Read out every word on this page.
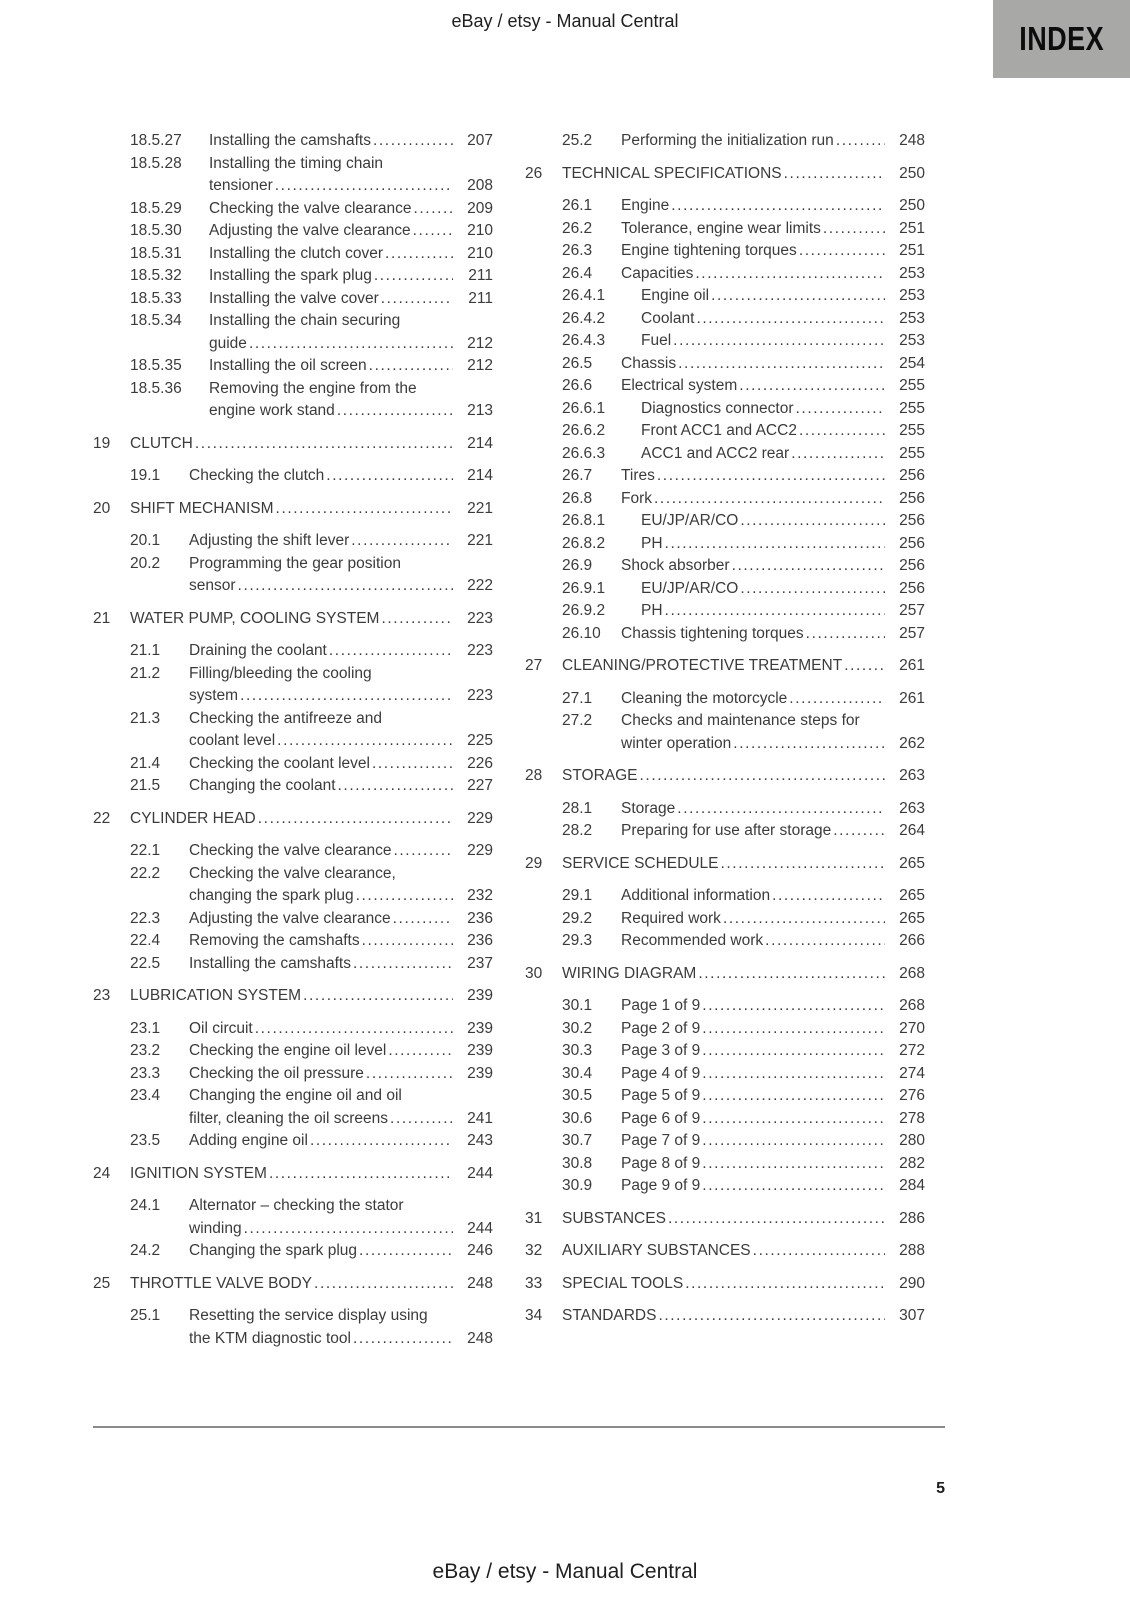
eBay / etsy - Manual Central	INDEX
18.5.27	Installing the camshafts .....	207
18.5.28	Installing the timing chain
tensioner .....	208
18.5.29	Checking the valve clearance .....	209
18.5.30	Adjusting the valve clearance .....	210
18.5.31	Installing the clutch cover .....	210
18.5.32	Installing the spark plug .....	211
18.5.33	Installing the valve cover .....	211
18.5.34	Installing the chain securing
guide .....	212
18.5.35	Installing the oil screen .....	212
18.5.36	Removing the engine from the
engine work stand .....	213
19	CLUTCH .....	214
19.1	Checking the clutch .....	214
20	SHIFT MECHANISM .....	221
20.1	Adjusting the shift lever .....	221
20.2	Programming the gear position
sensor .....	222
21	WATER PUMP, COOLING SYSTEM .....	223
21.1	Draining the coolant .....	223
21.2	Filling/bleeding the cooling
system .....	223
21.3	Checking the antifreeze and
coolant level .....	225
21.4	Checking the coolant level .....	226
21.5	Changing the coolant .....	227
22	CYLINDER HEAD .....	229
22.1	Checking the valve clearance .....	229
22.2	Checking the valve clearance,
changing the spark plug .....	232
22.3	Adjusting the valve clearance .....	236
22.4	Removing the camshafts .....	236
22.5	Installing the camshafts .....	237
23	LUBRICATION SYSTEM .....	239
23.1	Oil circuit .....	239
23.2	Checking the engine oil level .....	239
23.3	Checking the oil pressure .....	239
23.4	Changing the engine oil and oil
filter, cleaning the oil screens .....	241
23.5	Adding engine oil .....	243
24	IGNITION SYSTEM .....	244
24.1	Alternator – checking the stator
winding .....	244
24.2	Changing the spark plug .....	246
25	THROTTLE VALVE BODY .....	248
25.1	Resetting the service display using
the KTM diagnostic tool .....	248
25.2	Performing the initialization run .....	248
26	TECHNICAL SPECIFICATIONS .....	250
26.1	Engine .....	250
26.2	Tolerance, engine wear limits .....	251
26.3	Engine tightening torques .....	251
26.4	Capacities .....	253
26.4.1	Engine oil .....	253
26.4.2	Coolant .....	253
26.4.3	Fuel .....	253
26.5	Chassis .....	254
26.6	Electrical system .....	255
26.6.1	Diagnostics connector .....	255
26.6.2	Front ACC1 and ACC2 .....	255
26.6.3	ACC1 and ACC2 rear .....	255
26.7	Tires .....	256
26.8	Fork .....	256
26.8.1	EU/JP/AR/CO .....	256
26.8.2	PH .....	256
26.9	Shock absorber .....	256
26.9.1	EU/JP/AR/CO .....	256
26.9.2	PH .....	257
26.10	Chassis tightening torques .....	257
27	CLEANING/PROTECTIVE TREATMENT .....	261
27.1	Cleaning the motorcycle .....	261
27.2	Checks and maintenance steps for
winter operation .....	262
28	STORAGE .....	263
28.1	Storage .....	263
28.2	Preparing for use after storage .....	264
29	SERVICE SCHEDULE .....	265
29.1	Additional information .....	265
29.2	Required work .....	265
29.3	Recommended work .....	266
30	WIRING DIAGRAM .....	268
30.1	Page 1 of 9 .....	268
30.2	Page 2 of 9 .....	270
30.3	Page 3 of 9 .....	272
30.4	Page 4 of 9 .....	274
30.5	Page 5 of 9 .....	276
30.6	Page 6 of 9 .....	278
30.7	Page 7 of 9 .....	280
30.8	Page 8 of 9 .....	282
30.9	Page 9 of 9 .....	284
31	SUBSTANCES .....	286
32	AUXILIARY SUBSTANCES .....	288
33	SPECIAL TOOLS .....	290
34	STANDARDS .....	307
5
eBay / etsy - Manual Central
